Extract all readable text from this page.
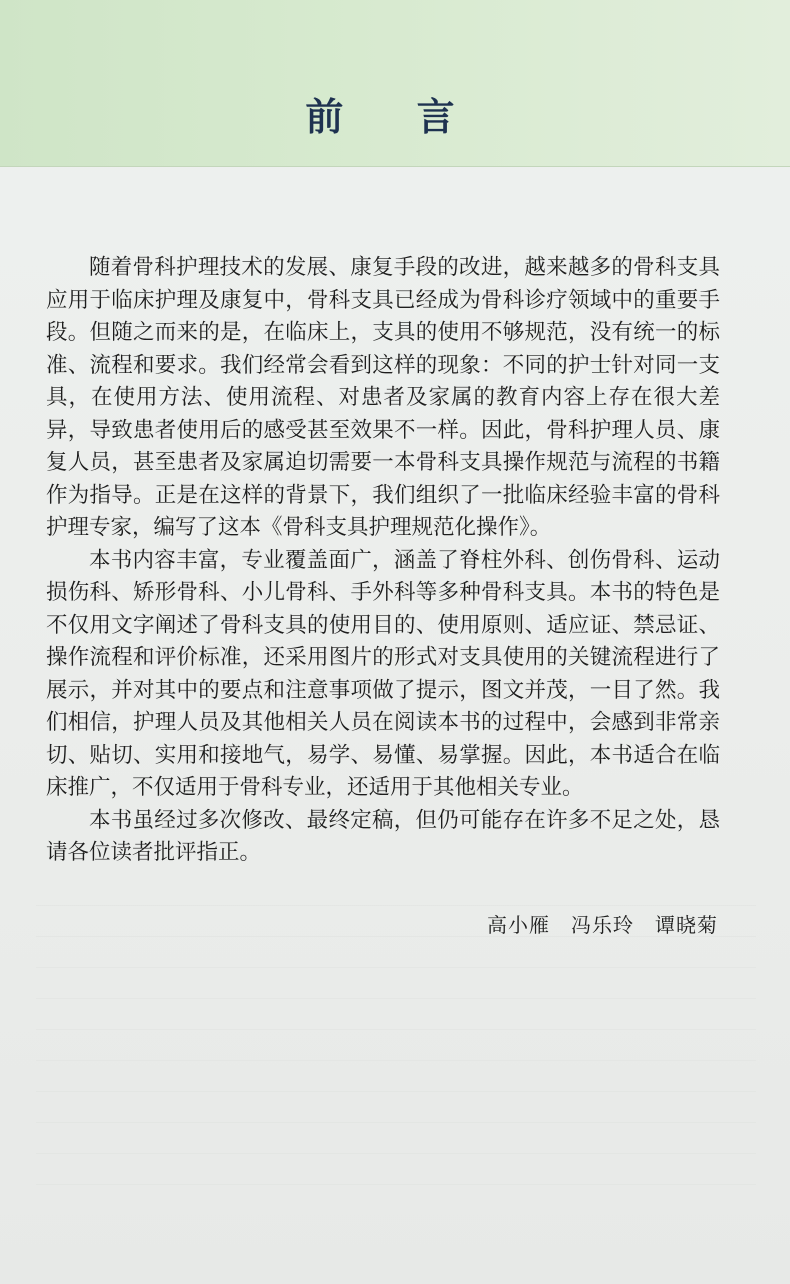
前 言

随着骨科护理技术的发展、康复手段的改进，越来越多的骨科支具应用于临床护理及康复中，骨科支具已经成为骨科诊疗领域中的重要手段。但随之而来的是，在临床上，支具的使用不够规范，没有统一的标准、流程和要求。我们经常会看到这样的现象：不同的护士针对同一支具，在使用方法、使用流程、对患者及家属的教育内容上存在很大差异，导致患者使用后的感受甚至效果不一样。因此，骨科护理人员、康复人员，甚至患者及家属迫切需要一本骨科支具操作规范与流程的书籍作为指导。正是在这样的背景下，我们组织了一批临床经验丰富的骨科护理专家，编写了这本《骨科支具护理规范化操作》。

本书内容丰富，专业覆盖面广，涵盖了脊柱外科、创伤骨科、运动损伤科、矫形骨科、小儿骨科、手外科等多种骨科支具。本书的特色是不仅用文字阐述了骨科支具的使用目的、使用原则、适应证、禁忌证、操作流程和评价标准，还采用图片的形式对支具使用的关键流程进行了展示，并对其中的要点和注意事项做了提示，图文并茂，一目了然。我们相信，护理人员及其他相关人员在阅读本书的过程中，会感到非常亲切、贴切、实用和接地气，易学、易懂、易掌握。因此，本书适合在临床推广，不仅适用于骨科专业，还适用于其他相关专业。

本书虽经过多次修改、最终定稿，但仍可能存在许多不足之处，恳请各位读者批评指正。

高小雁　冯乐玲　谭晓菊
